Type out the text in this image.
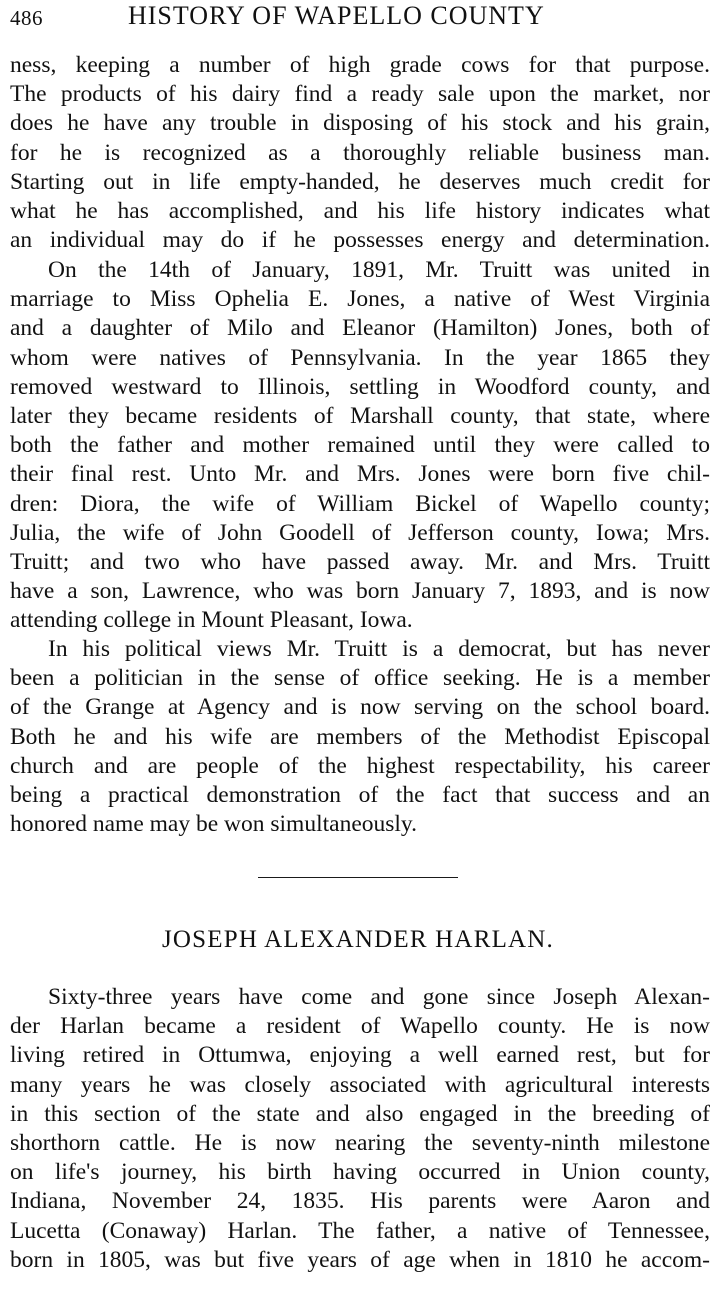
486	HISTORY OF WAPELLO COUNTY
ness, keeping a number of high grade cows for that purpose.
The products of his dairy find a ready sale upon the market, nor
does he have any trouble in disposing of his stock and his grain,
for he is recognized as a thoroughly reliable business man.
Starting out in life empty-handed, he deserves much credit for
what he has accomplished, and his life history indicates what
an individual may do if he possesses energy and determination.
On the 14th of January, 1891, Mr. Truitt was united in
marriage to Miss Ophelia E. Jones, a native of West Virginia
and a daughter of Milo and Eleanor (Hamilton) Jones, both of
whom were natives of Pennsylvania. In the year 1865 they
removed westward to Illinois, settling in Woodford county, and
later they became residents of Marshall county, that state, where
both the father and mother remained until they were called to
their final rest. Unto Mr. and Mrs. Jones were born five chil-
dren: Diora, the wife of William Bickel of Wapello county;
Julia, the wife of John Goodell of Jefferson county, Iowa; Mrs.
Truitt; and two who have passed away. Mr. and Mrs. Truitt
have a son, Lawrence, who was born January 7, 1893, and is now
attending college in Mount Pleasant, Iowa.
In his political views Mr. Truitt is a democrat, but has never
been a politician in the sense of office seeking. He is a member
of the Grange at Agency and is now serving on the school board.
Both he and his wife are members of the Methodist Episcopal
church and are people of the highest respectability, his career
being a practical demonstration of the fact that success and an
honored name may be won simultaneously.
JOSEPH ALEXANDER HARLAN.
Sixty-three years have come and gone since Joseph Alexan-
der Harlan became a resident of Wapello county. He is now
living retired in Ottumwa, enjoying a well earned rest, but for
many years he was closely associated with agricultural interests
in this section of the state and also engaged in the breeding of
shorthorn cattle. He is now nearing the seventy-ninth milestone
on life's journey, his birth having occurred in Union county,
Indiana, November 24, 1835. His parents were Aaron and
Lucetta (Conaway) Harlan. The father, a native of Tennessee,
born in 1805, was but five years of age when in 1810 he accom-
